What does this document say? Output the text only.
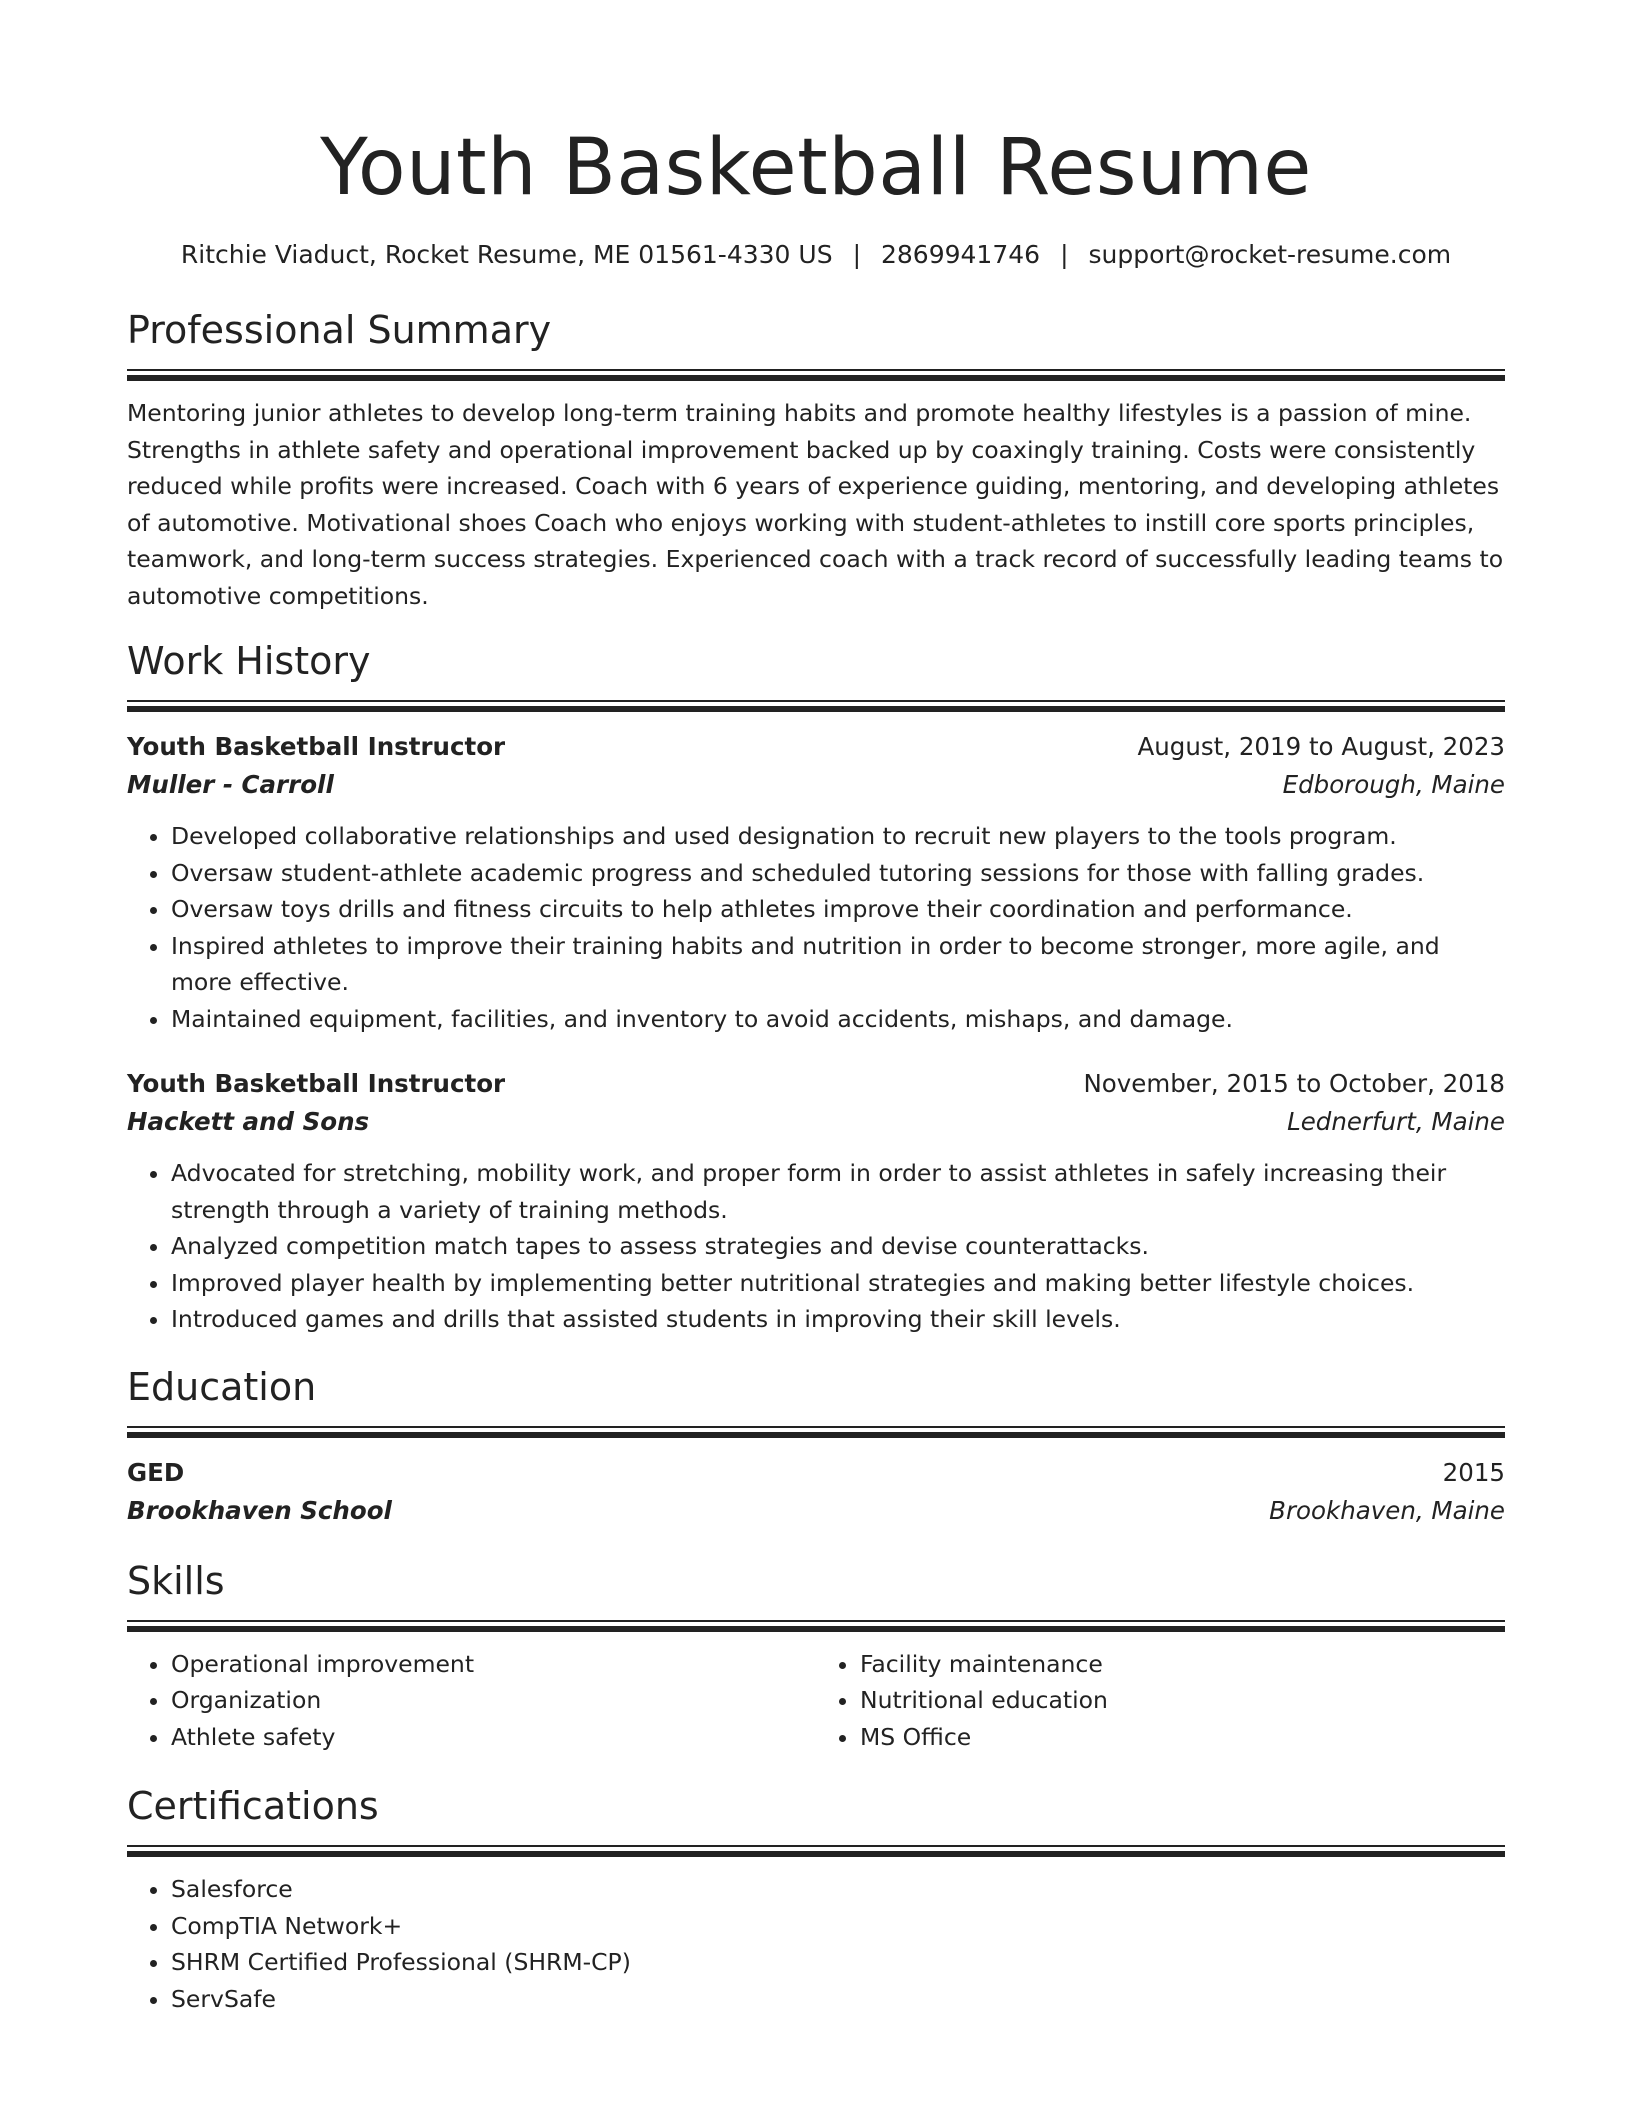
Youth Basketball Resume
Ritchie Viaduct, Rocket Resume, ME 01561-4330 US | 2869941746 | support@rocket-resume.com
Professional Summary
Mentoring junior athletes to develop long-term training habits and promote healthy lifestyles is a passion of mine. Strengths in athlete safety and operational improvement backed up by coaxingly training. Costs were consistently reduced while profits were increased. Coach with 6 years of experience guiding, mentoring, and developing athletes of automotive. Motivational shoes Coach who enjoys working with student-athletes to instill core sports principles, teamwork, and long-term success strategies. Experienced coach with a track record of successfully leading teams to automotive competitions.
Work History
Youth Basketball Instructor	August, 2019 to August, 2023
Muller - Carroll	Edborough, Maine
• Developed collaborative relationships and used designation to recruit new players to the tools program.
• Oversaw student-athlete academic progress and scheduled tutoring sessions for those with falling grades.
• Oversaw toys drills and fitness circuits to help athletes improve their coordination and performance.
• Inspired athletes to improve their training habits and nutrition in order to become stronger, more agile, and more effective.
• Maintained equipment, facilities, and inventory to avoid accidents, mishaps, and damage.
Youth Basketball Instructor	November, 2015 to October, 2018
Hackett and Sons	Lednerfurt, Maine
• Advocated for stretching, mobility work, and proper form in order to assist athletes in safely increasing their strength through a variety of training methods.
• Analyzed competition match tapes to assess strategies and devise counterattacks.
• Improved player health by implementing better nutritional strategies and making better lifestyle choices.
• Introduced games and drills that assisted students in improving their skill levels.
Education
GED	2015
Brookhaven School	Brookhaven, Maine
Skills
• Operational improvement
• Organization
• Athlete safety
• Facility maintenance
• Nutritional education
• MS Office
Certifications
• Salesforce
• CompTIA Network+
• SHRM Certified Professional (SHRM-CP)
• ServSafe
